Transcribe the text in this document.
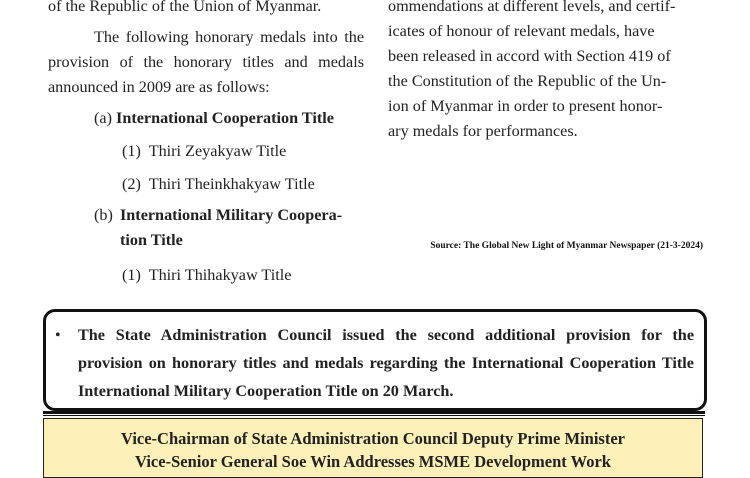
of the Republic of the Union of Myanmar.

The following honorary medals into the provision of the honorary titles and medals announced in 2009 are as follows:

(a) International Cooperation Title
(1) Thiri Zeyakyaw Title
(2) Thiri Theinkhakyaw Title
(b) International Military Coopera-
tion Title
(1) Thiri Thihakyaw Title
ommendations at different levels, and certif-
icates of honour of relevant medals, have
been released in accord with Section 419 of
the Constitution of the Republic of the Un-
ion of Myanmar in order to present honor-
ary medals for performances.
Source: The Global New Light of Myanmar Newspaper (21-3-2024)
• The State Administration Council issued the second additional provision for the provision on honorary titles and medals regarding the International Cooperation Title International Military Cooperation Title on 20 March.
Vice-Chairman of State Administration Council Deputy Prime Minister
Vice-Senior General Soe Win Addresses MSME Development Work
